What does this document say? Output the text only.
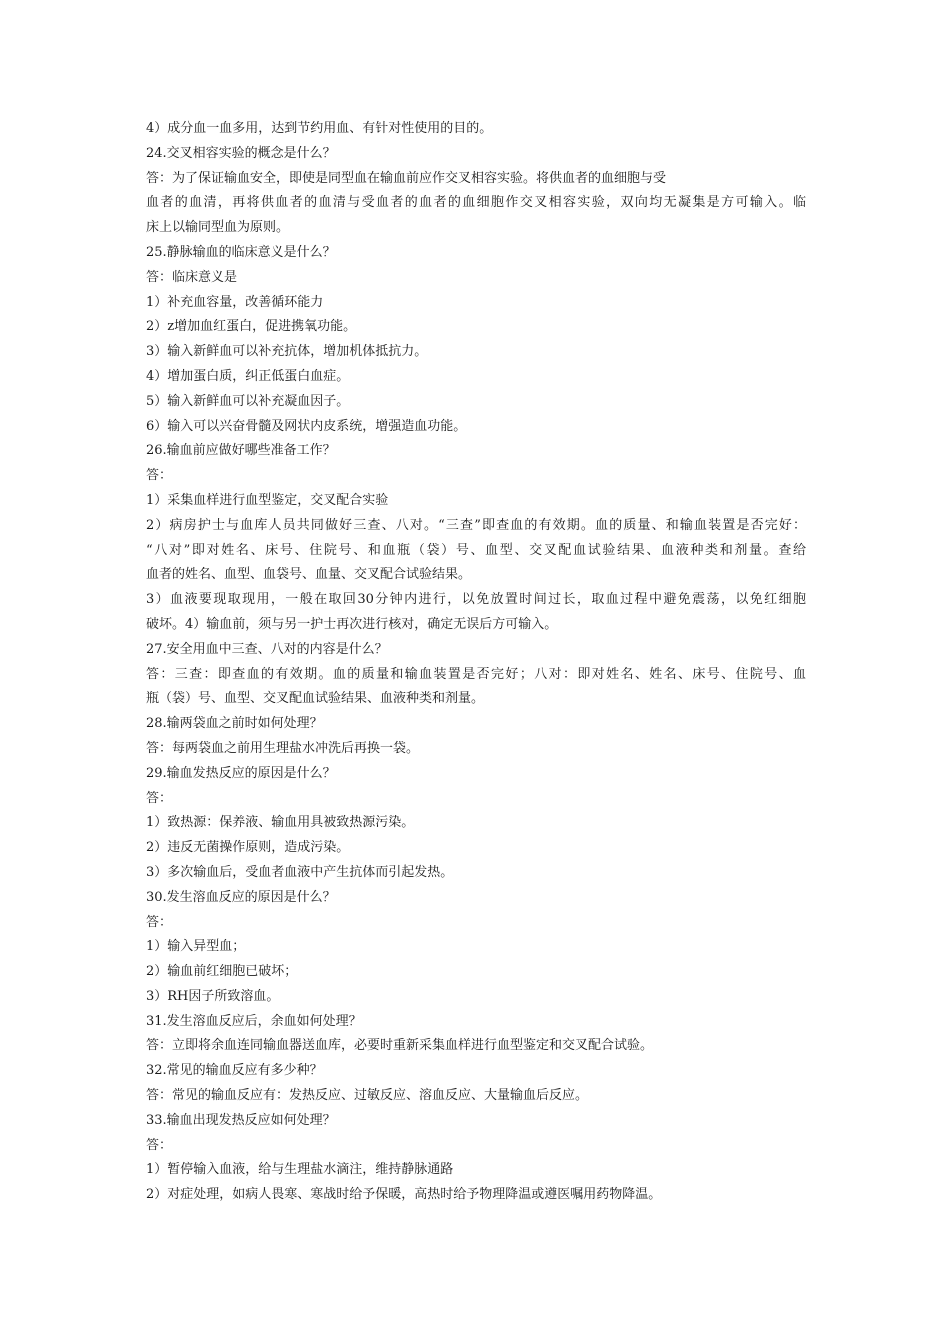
4）成分血一血多用，达到节约用血、有针对性使用的目的。
24.交叉相容实验的概念是什么？
答：为了保证输血安全，即使是同型血在输血前应作交叉相容实验。将供血者的血细胞与受
血者的血清，再将供血者的血清与受血者的血者的血细胞作交叉相容实验，双向均无凝集是方可输入。临
床上以输同型血为原则。
25.静脉输血的临床意义是什么？
答：临床意义是
1）补充血容量，改善循环能力
2）z增加血红蛋白，促进携氧功能。
3）输入新鲜血可以补充抗体，增加机体抵抗力。
4）增加蛋白质，纠正低蛋白血症。
5）输入新鲜血可以补充凝血因子。
6）输入可以兴奋骨髓及网状内皮系统，增强造血功能。
26.输血前应做好哪些准备工作？
答：
1）采集血样进行血型鉴定，交叉配合实验
2）病房护士与血库人员共同做好三查、八对。“三查”即查血的有效期。血的质量、和输血装置是否完好：
“八对”即对姓名、床号、住院号、和血瓶（袋）号、血型、交叉配血试验结果、血液种类和剂量。查给
血者的姓名、血型、血袋号、血量、交叉配合试验结果。
3）血液要现取现用，一般在取回30分钟内进行，以免放置时间过长，取血过程中避免震荡，以免红细胞
破坏。4）输血前，须与另一护士再次进行核对，确定无误后方可输入。
27.安全用血中三查、八对的内容是什么？
答：三查：即查血的有效期。血的质量和输血装置是否完好；八对：即对姓名、姓名、床号、住院号、血
瓶（袋）号、血型、交叉配血试验结果、血液种类和剂量。
28.输两袋血之前时如何处理？
答：每两袋血之前用生理盐水冲洗后再换一袋。
29.输血发热反应的原因是什么？
答：
1）致热源：保养液、输血用具被致热源污染。
2）违反无菌操作原则，造成污染。
3）多次输血后，受血者血液中产生抗体而引起发热。
30.发生溶血反应的原因是什么？
答：
1）输入异型血；
2）输血前红细胞已破坏；
3）RH因子所致溶血。
31.发生溶血反应后，余血如何处理？
答：立即将余血连同输血器送血库，必要时重新采集血样进行血型鉴定和交叉配合试验。
32.常见的输血反应有多少种？
答：常见的输血反应有：发热反应、过敏反应、溶血反应、大量输血后反应。
33.输血出现发热反应如何处理？
答：
1）暂停输入血液，给与生理盐水滴注，维持静脉通路
2）对症处理，如病人畏寒、寒战时给予保暖，高热时给予物理降温或遵医嘱用药物降温。
